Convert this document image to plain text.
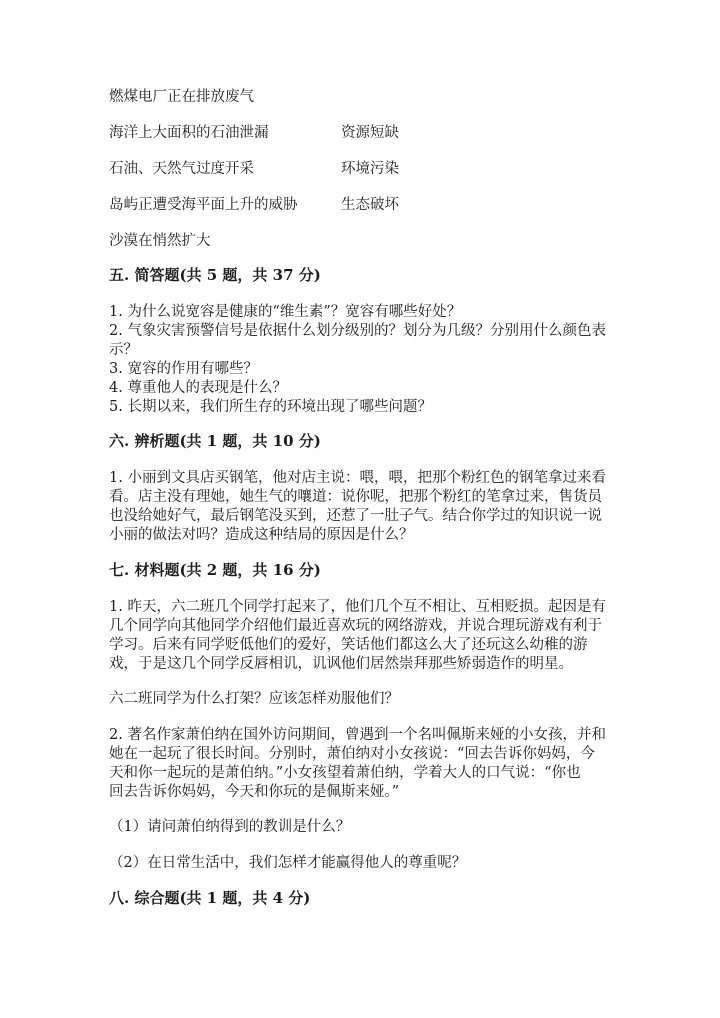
燃煤电厂正在排放废气
海洋上大面积的石油泄漏	资源短缺
石油、天然气过度开采	环境污染
岛屿正遭受海平面上升的威胁	生态破坏
沙漠在悄然扩大
五. 简答题(共 5 题，共 37 分)
1. 为什么说宽容是健康的“维生素”？宽容有哪些好处？
2. 气象灾害预警信号是依据什么划分级别的？划分为几级？分别用什么颜色表
示？
3. 宽容的作用有哪些？
4. 尊重他人的表现是什么？
5. 长期以来，我们所生存的环境出现了哪些问题？
六. 辨析题(共 1 题，共 10 分)
1. 小丽到文具店买钢笔，他对店主说：喂，喂，把那个粉红色的钢笔拿过来看
看。店主没有理她，她生气的嚷道：说你呢，把那个粉红的笔拿过来，售货员
也没给她好气，最后钢笔没买到，还惹了一肚子气。结合你学过的知识说一说
小丽的做法对吗？造成这种结局的原因是什么？
七. 材料题(共 2 题，共 16 分)
1. 昨天，六二班几个同学打起来了，他们几个互不相让、互相贬损。起因是有
几个同学向其他同学介绍他们最近喜欢玩的网络游戏，并说合理玩游戏有利于
学习。后来有同学贬低他们的爱好，笑话他们都这么大了还玩这么幼稚的游
戏，于是这几个同学反唇相讥，讥讽他们居然崇拜那些矫弱造作的明星。
六二班同学为什么打架？应该怎样劝服他们？
2. 著名作家萧伯纳在国外访问期间，曾遇到一个名叫佩斯来娅的小女孩，并和
她在一起玩了很长时间。分别时，萧伯纳对小女孩说：“回去告诉你妈妈，今
天和你一起玩的是萧伯纳。”小女孩望着萧伯纳，学着大人的口气说：“你也
回去告诉你妈妈，今天和你玩的是佩斯来娅。”
（1）请问萧伯纳得到的教训是什么？
（2）在日常生活中，我们怎样才能赢得他人的尊重呢？
八. 综合题(共 1 题，共 4 分)
